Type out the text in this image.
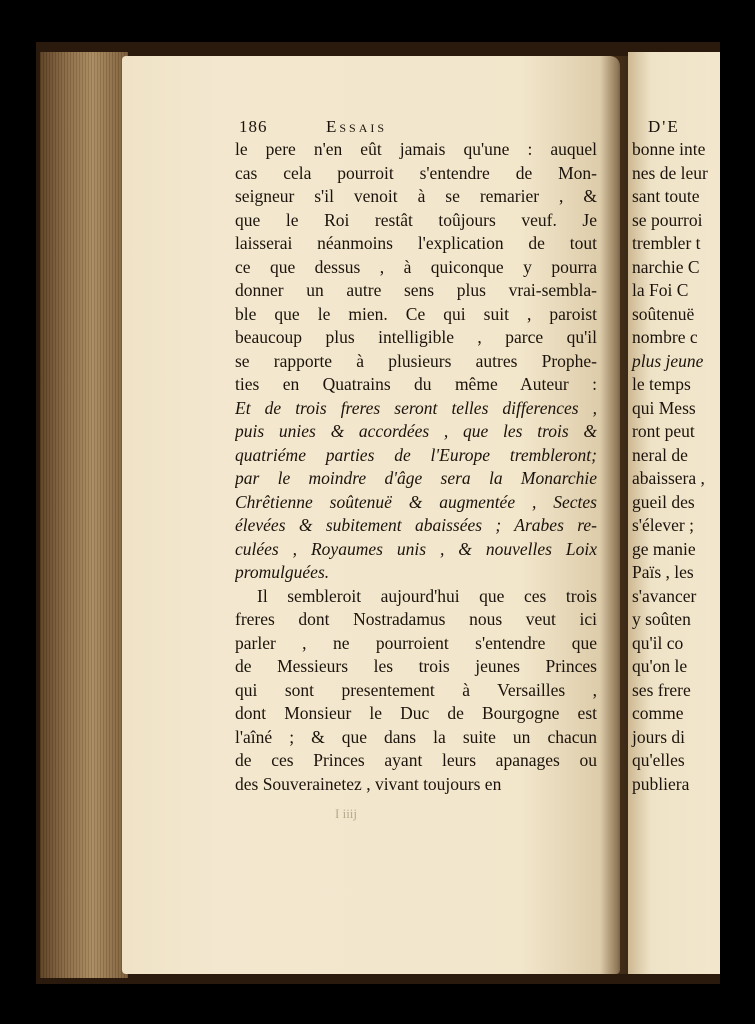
186	Essais
le pere n'en eût jamais qu'une : auquel
cas cela pourroit s'entendre de Mon-
seigneur s'il venoit à se remarier , &
que le Roi restât toûjours veuf. Je
laisserai néanmoins l'explication de tout
ce que dessus , à quiconque y pourra
donner un autre sens plus vrai-sembla-
ble que le mien. Ce qui suit , paroist
beaucoup plus intelligible , parce qu'il
se rapporte à plusieurs autres Prophe-
ties en Quatrains du même Auteur :
Et de trois freres seront telles differences ,
puis unies & accordées , que les trois &
quatriéme parties de l'Europe trembleront;
par le moindre d'âge sera la Monarchie
Chrêtienne soûtenuë & augmentée , Sectes
élevées & subitement abaissées ; Arabes re-
culées , Royaumes unis , & nouvelles Loix
promulguées.
Il sembleroit aujourd'hui que ces trois
freres dont Nostradamus nous veut ici
parler , ne pourroient s'entendre que
de Messieurs les trois jeunes Princes
qui sont presentement à Versailles ,
dont Monsieur le Duc de Bourgogne est
l'aîné ; & que dans la suite un chacun
de ces Princes ayant leurs apanages ou
des Souverainetez , vivant toujours en
I iiij
D'E
bonne inte
nes de leur
sant toute
se pourroi
trembler t
narchie C
la Foi C
soûtenuë
nombre c
plus jeune
le temps
qui Mess
ront peut
neral de
abaissera ,
gueil des
s'élever ;
ge manie
Païs , les
s'avancer
y soûten
qu'il co
qu'on le
ses frere
comme
jours di
qu'elles
publiera
